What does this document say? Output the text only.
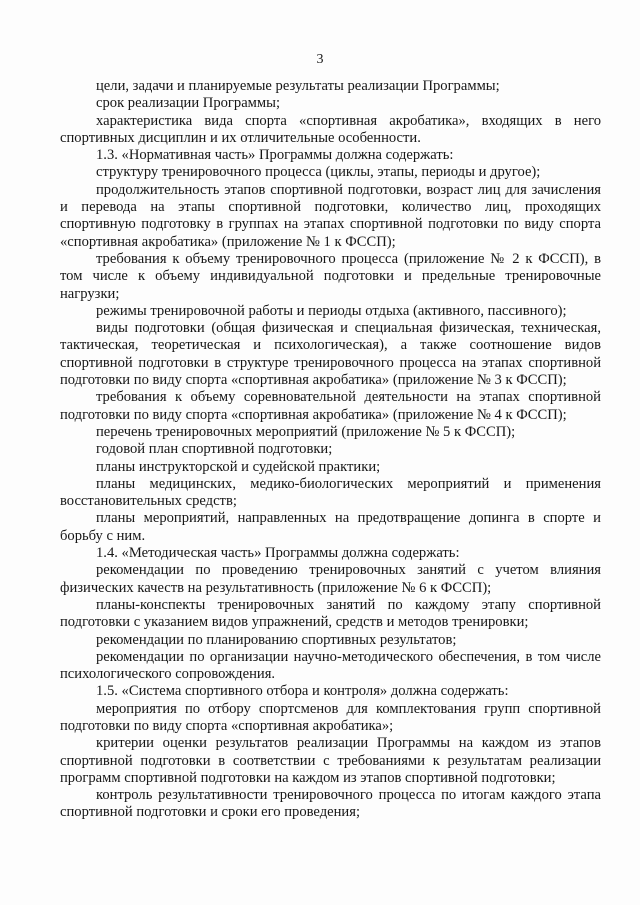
3

цели, задачи и планируемые результаты реализации Программы;

срок реализации Программы;

характеристика вида спорта «спортивная акробатика», входящих в него спортивных дисциплин и их отличительные особенности.

1.3. «Нормативная часть» Программы должна содержать:

структуру тренировочного процесса (циклы, этапы, периоды и другое);

продолжительность этапов спортивной подготовки, возраст лиц для зачисления и перевода на этапы спортивной подготовки, количество лиц, проходящих спортивную подготовку в группах на этапах спортивной подготовки по виду спорта «спортивная акробатика» (приложение № 1 к ФССП);

требования к объему тренировочного процесса (приложение № 2 к ФССП), в том числе к объему индивидуальной подготовки и предельные тренировочные нагрузки;

режимы тренировочной работы и периоды отдыха (активного, пассивного);

виды подготовки (общая физическая и специальная физическая, техническая, тактическая, теоретическая и психологическая), а также соотношение видов спортивной подготовки в структуре тренировочного процесса на этапах спортивной подготовки по виду спорта «спортивная акробатика» (приложение № 3 к ФССП);

требования к объему соревновательной деятельности на этапах спортивной подготовки по виду спорта «спортивная акробатика» (приложение № 4 к ФССП);

перечень тренировочных мероприятий (приложение № 5 к ФССП);

годовой план спортивной подготовки;

планы инструкторской и судейской практики;

планы медицинских, медико-биологических мероприятий и применения восстановительных средств;

планы мероприятий, направленных на предотвращение допинга в спорте и борьбу с ним.

1.4. «Методическая часть» Программы должна содержать:

рекомендации по проведению тренировочных занятий с учетом влияния физических качеств на результативность (приложение № 6 к ФССП);

планы-конспекты тренировочных занятий по каждому этапу спортивной подготовки с указанием видов упражнений, средств и методов тренировки;

рекомендации по планированию спортивных результатов;

рекомендации по организации научно-методического обеспечения, в том числе психологического сопровождения.

1.5. «Система спортивного отбора и контроля» должна содержать:

мероприятия по отбору спортсменов для комплектования групп спортивной подготовки по виду спорта «спортивная акробатика»;

критерии оценки результатов реализации Программы на каждом из этапов спортивной подготовки в соответствии с требованиями к результатам реализации программ спортивной подготовки на каждом из этапов спортивной подготовки;

контроль результативности тренировочного процесса по итогам каждого этапа спортивной подготовки и сроки его проведения;
